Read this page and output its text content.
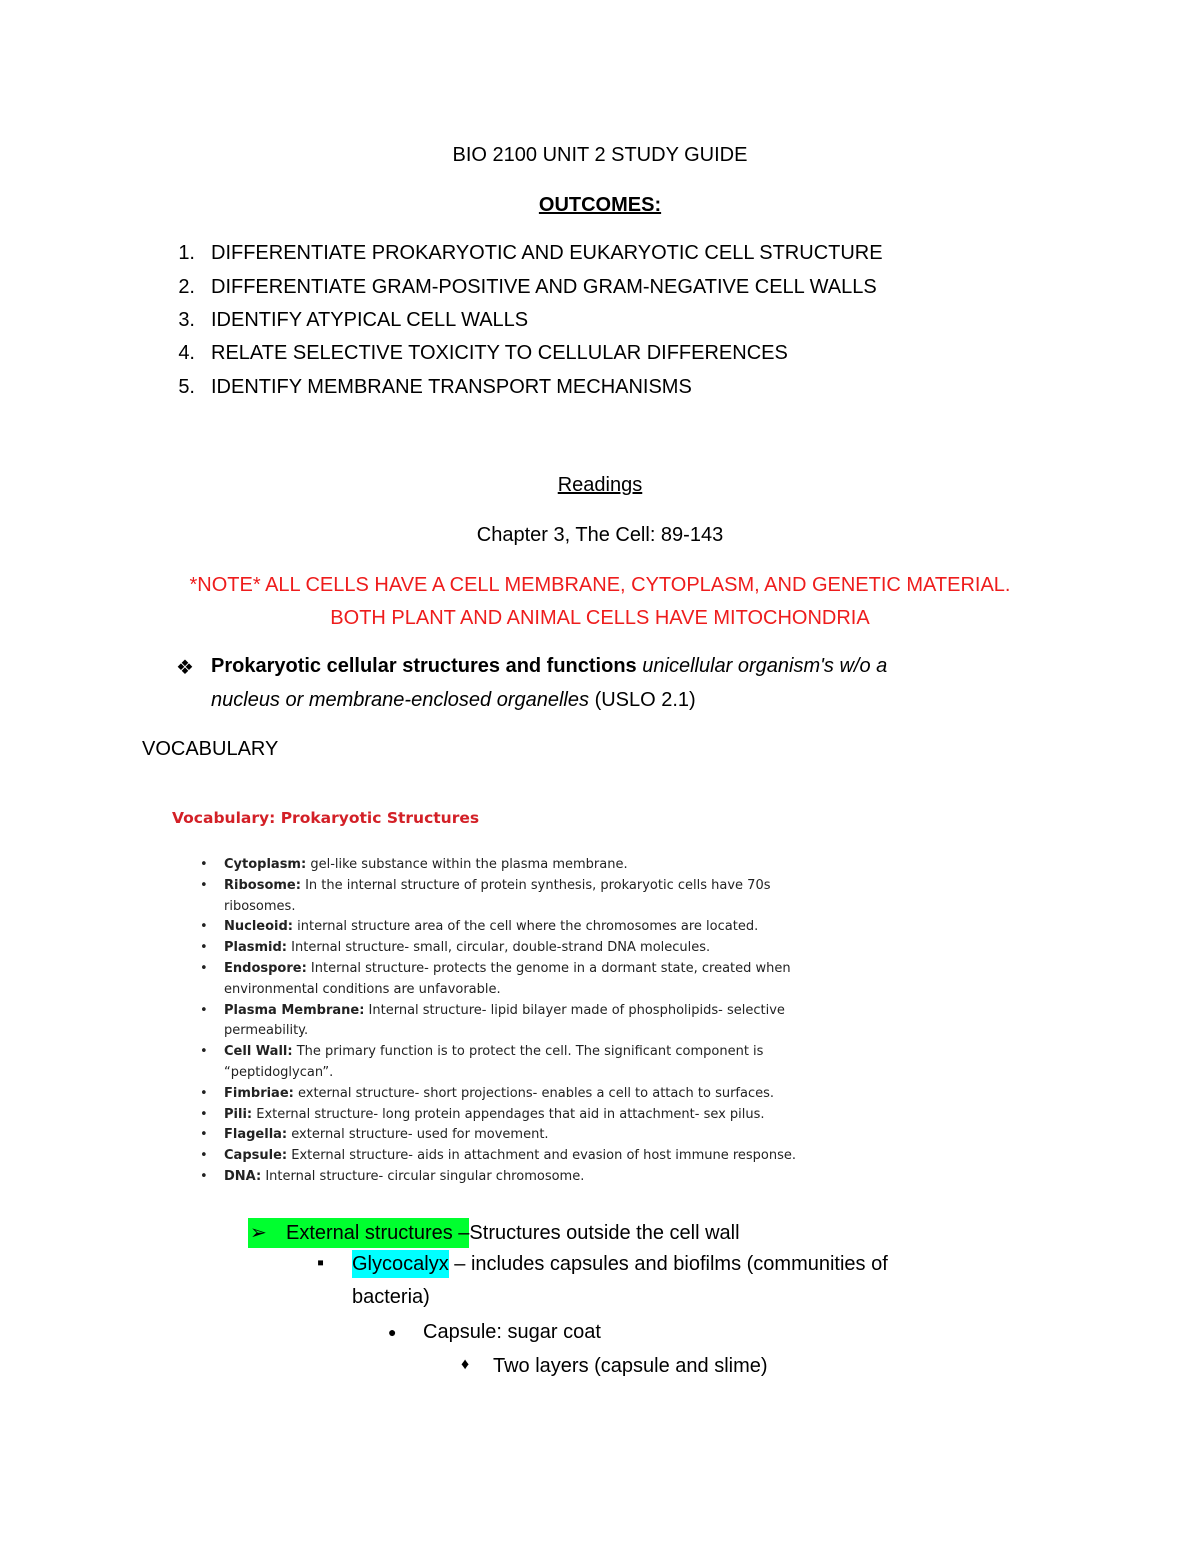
BIO 2100 UNIT 2 STUDY GUIDE
OUTCOMES:
1. DIFFERENTIATE PROKARYOTIC AND EUKARYOTIC CELL STRUCTURE
2. DIFFERENTIATE GRAM-POSITIVE AND GRAM-NEGATIVE CELL WALLS
3. IDENTIFY ATYPICAL CELL WALLS
4. RELATE SELECTIVE TOXICITY TO CELLULAR DIFFERENCES
5. IDENTIFY MEMBRANE TRANSPORT MECHANISMS
Readings
Chapter 3, The Cell: 89-143
*NOTE* ALL CELLS HAVE A CELL MEMBRANE, CYTOPLASM, AND GENETIC MATERIAL.
BOTH PLANT AND ANIMAL CELLS HAVE MITOCHONDRIA
❖ Prokaryotic cellular structures and functions unicellular organism's w/o a
nucleus or membrane-enclosed organelles (USLO 2.1)
VOCABULARY
Vocabulary: Prokaryotic Structures
• Cytoplasm: gel-like substance within the plasma membrane.
• Ribosome: In the internal structure of protein synthesis, prokaryotic cells have 70s
ribosomes.
• Nucleoid: internal structure area of the cell where the chromosomes are located.
• Plasmid: Internal structure- small, circular, double-strand DNA molecules.
• Endospore: Internal structure- protects the genome in a dormant state, created when
environmental conditions are unfavorable.
• Plasma Membrane: Internal structure- lipid bilayer made of phospholipids- selective
permeability.
• Cell Wall: The primary function is to protect the cell. The significant component is
“peptidoglycan”.
• Fimbriae: external structure- short projections- enables a cell to attach to surfaces.
• Pili: External structure- long protein appendages that aid in attachment- sex pilus.
• Flagella: external structure- used for movement.
• Capsule: External structure- aids in attachment and evasion of host immune response.
• DNA: Internal structure- circular singular chromosome.
➢ External structures –Structures outside the cell wall
▪ Glycocalyx – includes capsules and biofilms (communities of
bacteria)
● Capsule: sugar coat
♦ Two layers (capsule and slime)
